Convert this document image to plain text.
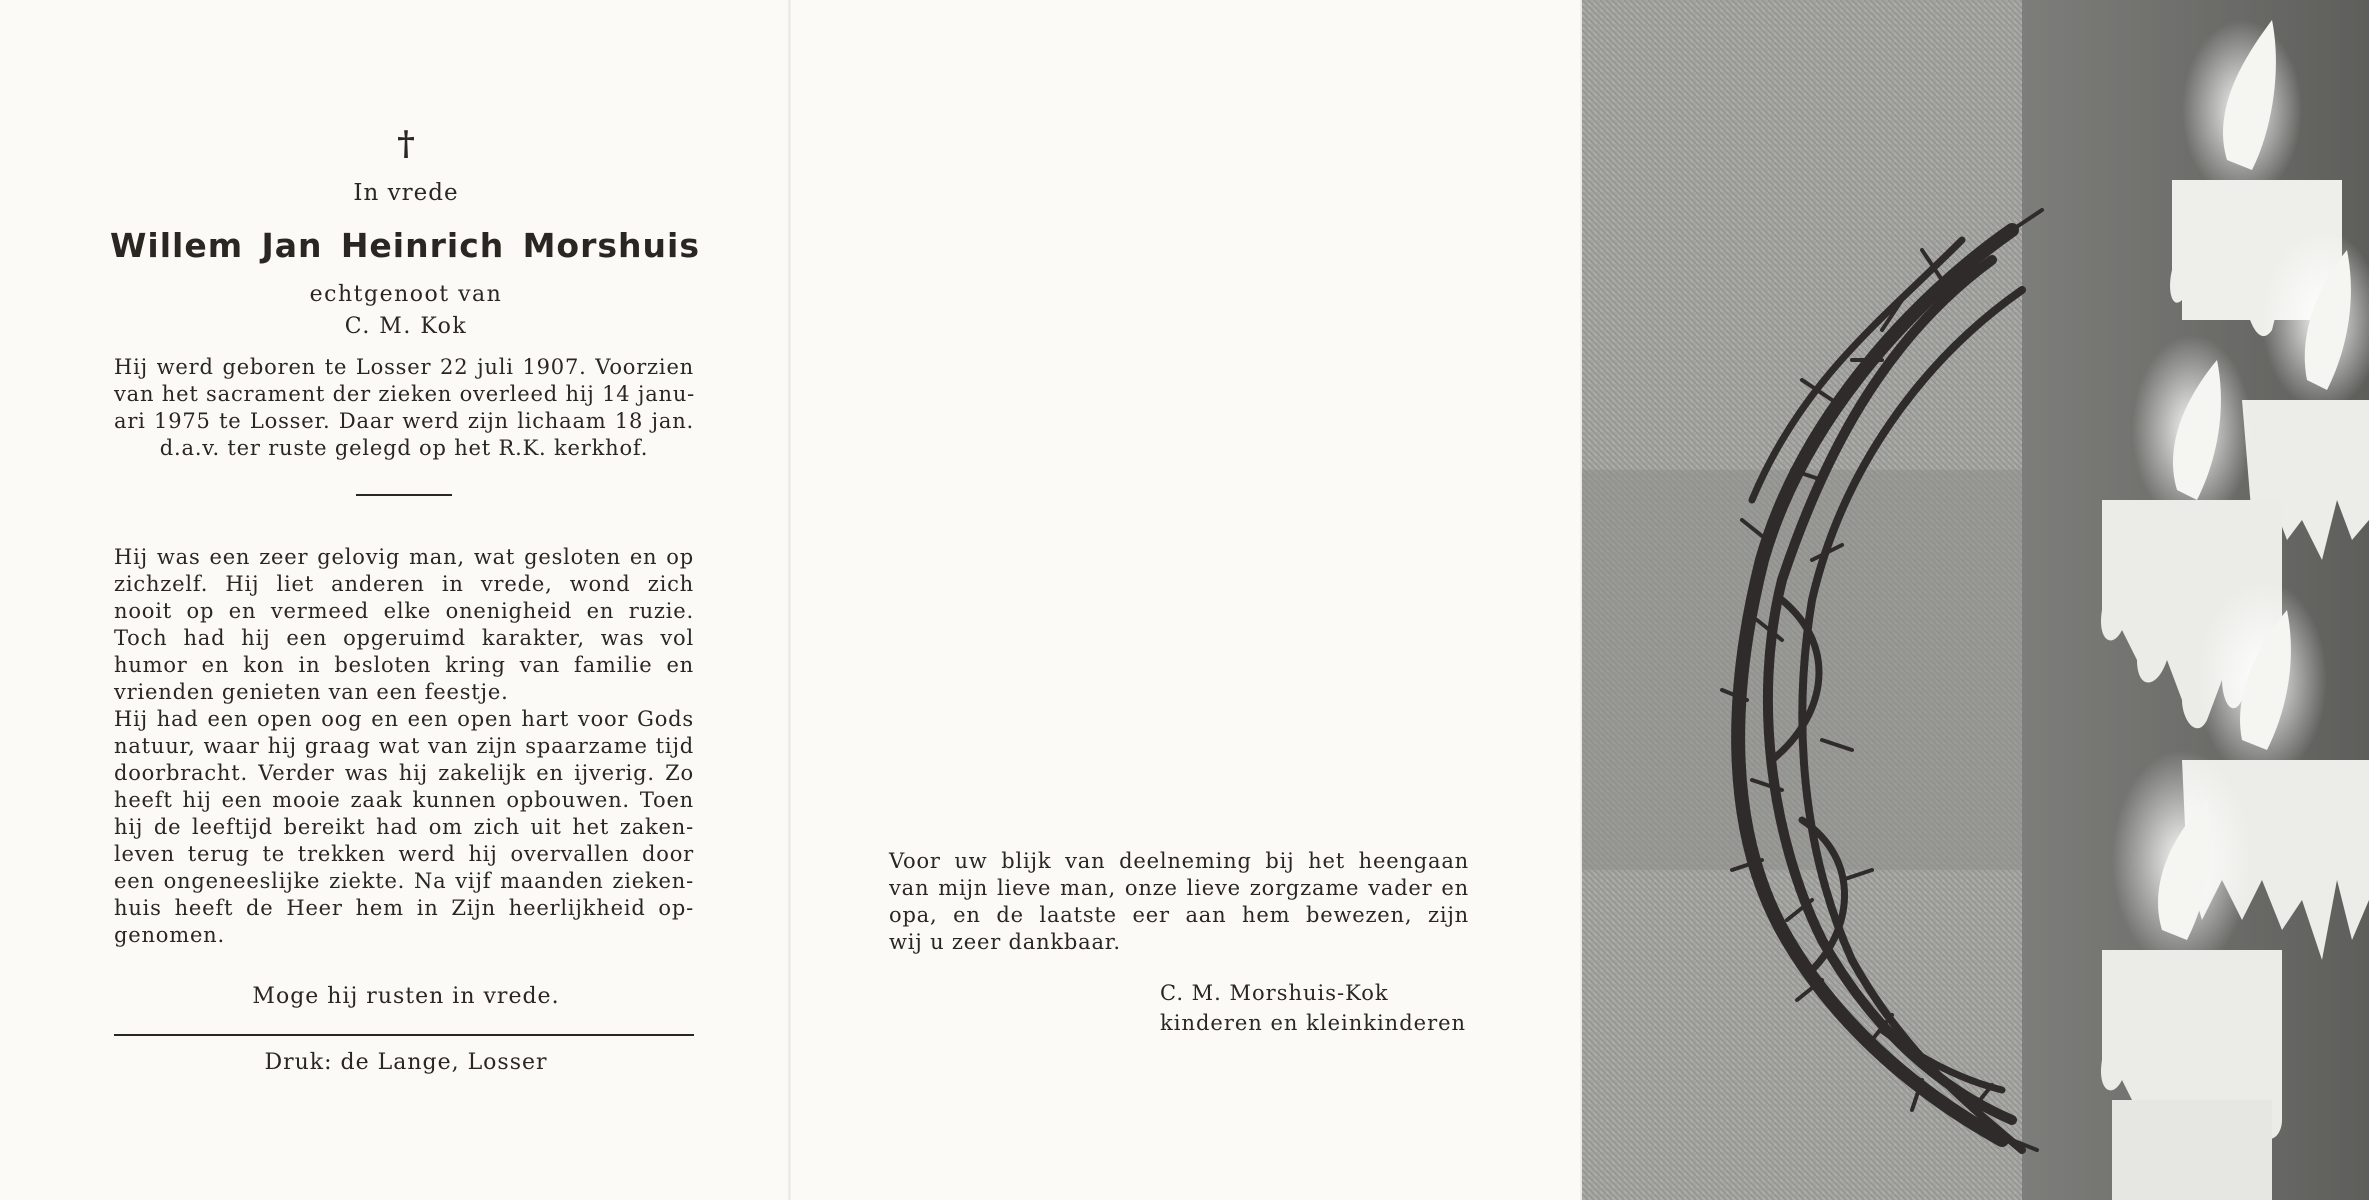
†
In vrede
Willem Jan Heinrich Morshuis
echtgenoot van
C. M. Kok
Hij werd geboren te Losser 22 juli 1907. Voorzien
van het sacrament der zieken overleed hij 14 janu-
ari 1975 te Losser. Daar werd zijn lichaam 18 jan.
d.a.v. ter ruste gelegd op het R.K. kerkhof.
Hij was een zeer gelovig man, wat gesloten en op
zichzelf. Hij liet anderen in vrede, wond zich
nooit op en vermeed elke onenigheid en ruzie.
Toch had hij een opgeruimd karakter, was vol
humor en kon in besloten kring van familie en
vrienden genieten van een feestje.
Hij had een open oog en een open hart voor Gods
natuur, waar hij graag wat van zijn spaarzame tijd
doorbracht. Verder was hij zakelijk en ijverig. Zo
heeft hij een mooie zaak kunnen opbouwen. Toen
hij de leeftijd bereikt had om zich uit het zaken-
leven terug te trekken werd hij overvallen door
een ongeneeslijke ziekte. Na vijf maanden zieken-
huis heeft de Heer hem in Zijn heerlijkheid op-
genomen.
Moge hij rusten in vrede.
Druk: de Lange, Losser
Voor uw blijk van deelneming bij het heengaan
van mijn lieve man, onze lieve zorgzame vader en
opa, en de laatste eer aan hem bewezen, zijn
wij u zeer dankbaar.
C. M. Morshuis-Kok
kinderen en kleinkinderen
